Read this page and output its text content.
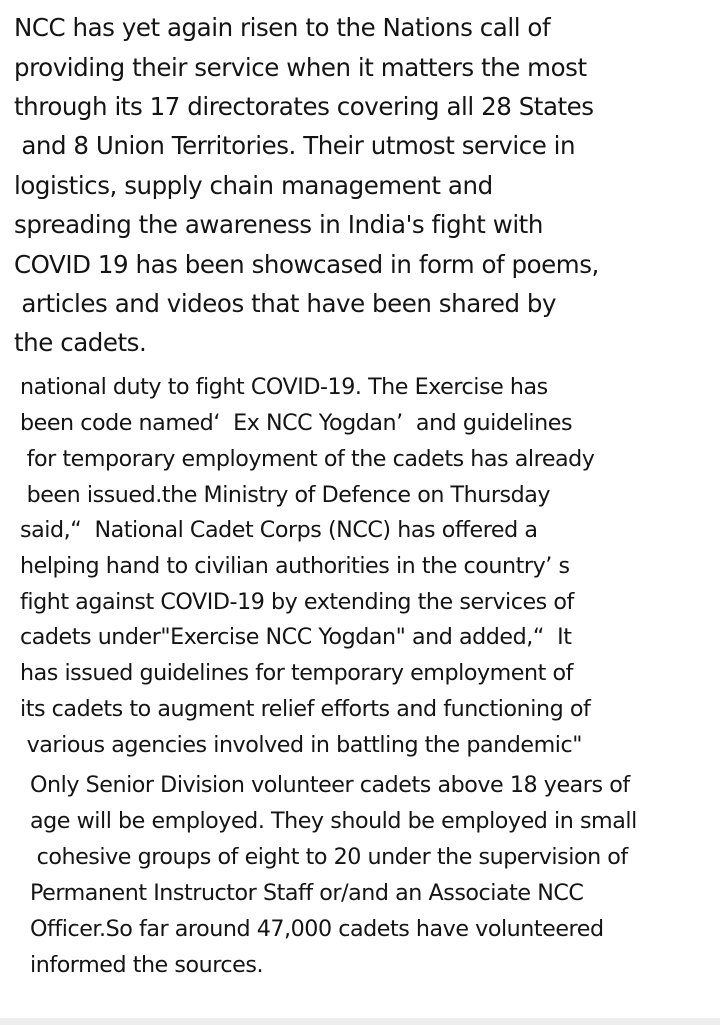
NCC has yet again risen to the Nations call of
providing their service when it matters the most
through its 17 directorates covering all 28 States
and 8 Union Territories. Their utmost service in
logistics, supply chain management and
spreading the awareness in India's fight with
COVID 19 has been showcased in form of poems,
articles and videos that have been shared by
the cadets.
national duty to fight COVID-19. The Exercise has
been code named‘  Ex NCC Yogdan’  and guidelines
for temporary employment of the cadets has already
been issued.the Ministry of Defence on Thursday
said,“  National Cadet Corps (NCC) has offered a
helping hand to civilian authorities in the country’ s
fight against COVID-19 by extending the services of
cadets under"Exercise NCC Yogdan" and added,“  It
has issued guidelines for temporary employment of
its cadets to augment relief efforts and functioning of
various agencies involved in battling the pandemic"
Only Senior Division volunteer cadets above 18 years of
age will be employed. They should be employed in small
cohesive groups of eight to 20 under the supervision of
Permanent Instructor Staff or/and an Associate NCC
Officer.So far around 47,000 cadets have volunteered
informed the sources.
